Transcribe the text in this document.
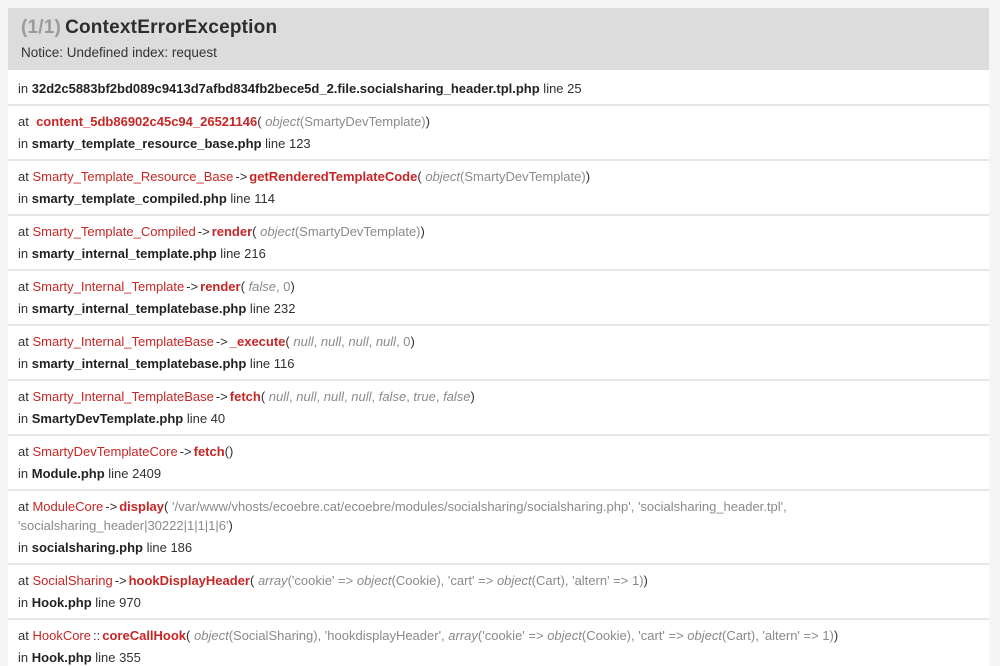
(1/1) ContextErrorException

Notice: Undefined index: request

in 32d2c5883bf2bd089c9413d7afbd834fb2bece5d_2.file.socialsharing_header.tpl.php line 25

at  content_5db86902c45c94_26521146( object(SmartyDevTemplate))

in smarty_template_resource_base.php line 123

at Smarty_Template_Resource_Base -> getRenderedTemplateCode( object(SmartyDevTemplate))

in smarty_template_compiled.php line 114

at Smarty_Template_Compiled -> render( object(SmartyDevTemplate))

in smarty_internal_template.php line 216

at Smarty_Internal_Template -> render( false, 0)

in smarty_internal_templatebase.php line 232

at Smarty_Internal_TemplateBase -> _execute( null, null, null, null, 0)

in smarty_internal_templatebase.php line 116

at Smarty_Internal_TemplateBase -> fetch( null, null, null, null, false, true, false)

in SmartyDevTemplate.php line 40

at SmartyDevTemplateCore -> fetch()

in Module.php line 2409

at ModuleCore -> display( '/var/www/vhosts/ecoebre.cat/ecoebre/modules/socialsharing/socialsharing.php', 'socialsharing_header.tpl', 'socialsharing_header|30222|1|1|1|6')

in socialsharing.php line 186

at SocialSharing -> hookDisplayHeader( array('cookie' => object(Cookie), 'cart' => object(Cart), 'altern' => 1))

in Hook.php line 970

at HookCore :: coreCallHook( object(SocialSharing), 'hookdisplayHeader', array('cookie' => object(Cookie), 'cart' => object(Cart), 'altern' => 1))

in Hook.php line 355
